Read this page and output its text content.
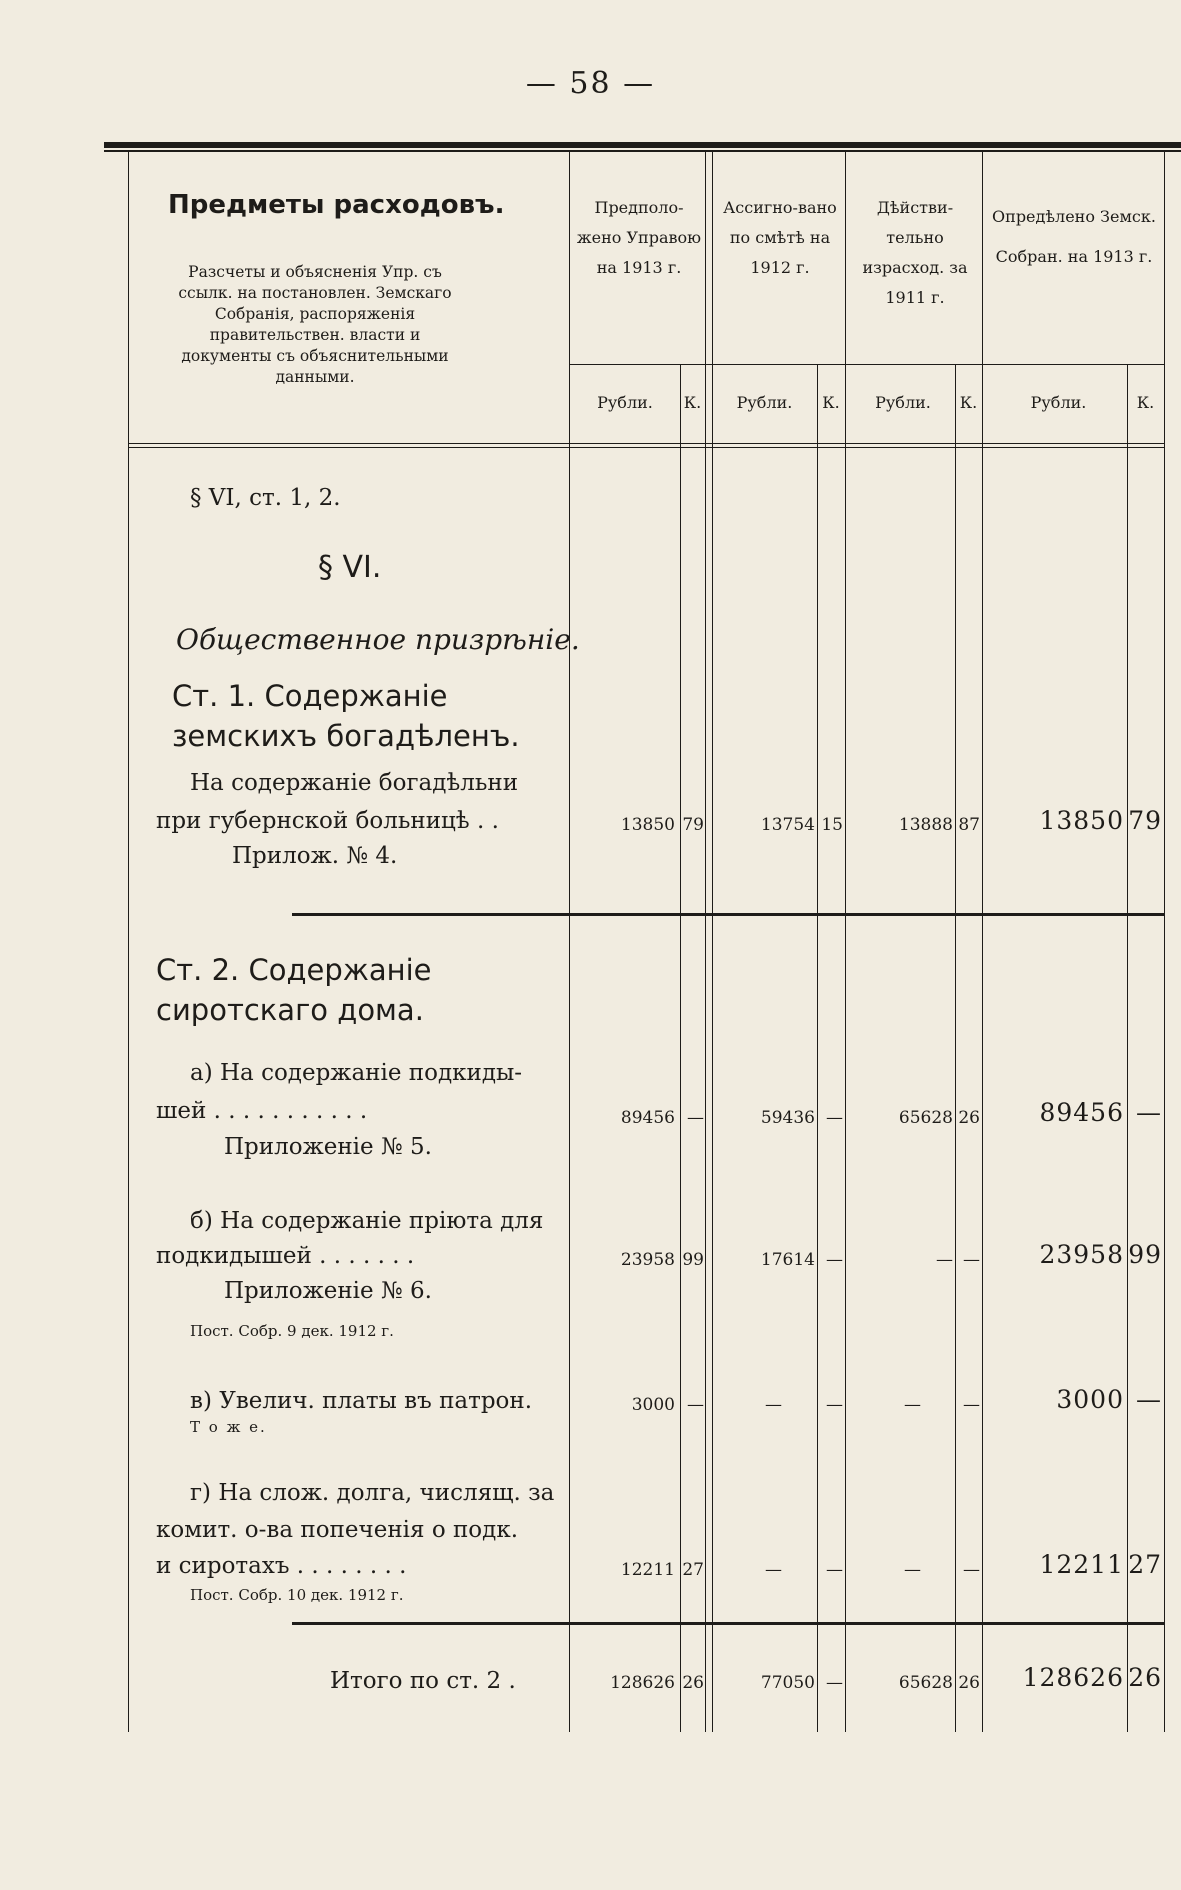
— 58 —
Предметы расходовъ.
Разсчеты и объясненія Упр. съ ссылк. на постановлен. Земскаго Собранія, распоряженія правительствен. власти и документы съ объяснительными данными.
Предполо-жено Управою на 1913 г.
Ассигно-вано по смѣтѣ на 1912 г.
Дѣйстви-тельно израсход. за 1911 г.
Опредѣлено Земск. Собран. на 1913 г.
Рубли.	К.	Рубли.	К.	Рубли.	К.	Рубли.	К.
§ VI, ст. 1, 2.
§ VI.
Общественное призрѣніе.
Ст. 1. Содержаніе земскихъ богадѣленъ.
На содержаніе богадѣльни
при губернской больницѣ . .
Прилож. № 4.
13850 79	13754 15	13888 87	13850 79
Ст. 2. Содержаніе сиротскаго дома.
а) На содержаніе подкиды-
шей . . . . . . . . . . .
Приложеніе № 5.
89456 —	59436 —	65628 26	89456 —
б) На содержаніе пріюта для
подкидышей . . . . . . .
Приложеніе № 6.
Пост. Собр. 9 дек. 1912 г.
23958 99	17614 —	— —	23958 99
в) Увелич. платы въ патрон.
Т о ж е.
3000 —	—	—	—	—	3000 —
г) На слож. долга, числящ. за
комит. о-ва попеченія о подк.
и сиротахъ . . . . . . . .
Пост. Собр. 10 дек. 1912 г.
12211 27	—	—	—	—	12211 27
Итого по ст. 2 .	128626 26	77050 —	65628 26	128626 26
